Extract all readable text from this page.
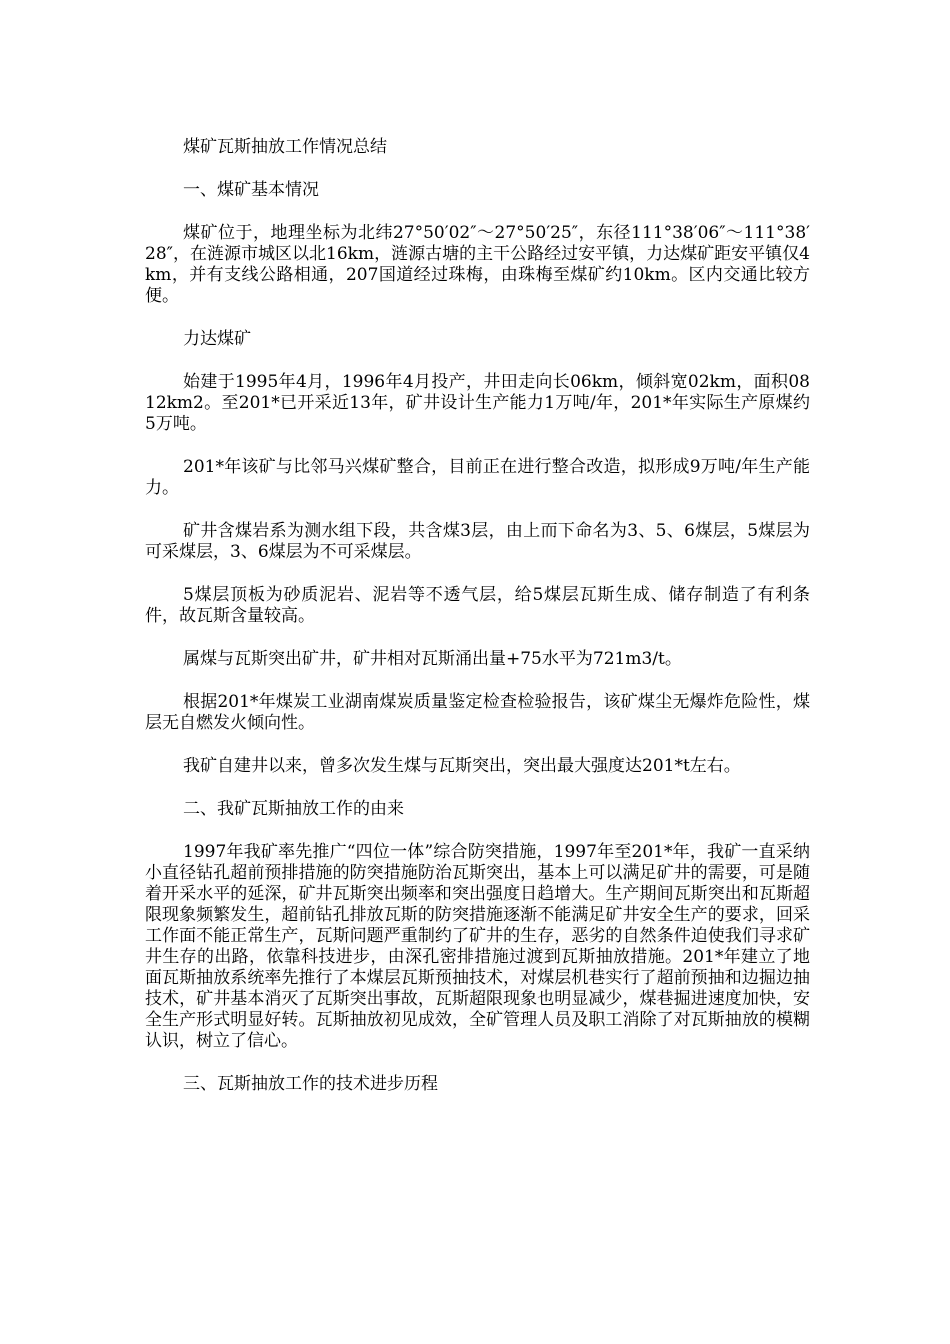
煤矿瓦斯抽放工作情况总结

一、煤矿基本情况

煤矿位于，地理坐标为北纬27°50′02″～27°50′25″，东径111°38′06″～111°38′28″，在涟源市城区以北16km，涟源古塘的主干公路经过安平镇，力达煤矿距安平镇仅4km，并有支线公路相通，207国道经过珠梅，由珠梅至煤矿约10km。区内交通比较方便。

力达煤矿

始建于1995年4月，1996年4月投产，井田走向长06km，倾斜宽02km，面积0812km2。至201*已开采近13年，矿井设计生产能力1万吨/年，201*年实际生产原煤约5万吨。

201*年该矿与比邻马兴煤矿整合，目前正在进行整合改造，拟形成9万吨/年生产能力。

矿井含煤岩系为测水组下段，共含煤3层，由上而下命名为3、5、6煤层，5煤层为可采煤层，3、6煤层为不可采煤层。

5煤层顶板为砂质泥岩、泥岩等不透气层，给5煤层瓦斯生成、储存制造了有利条件，故瓦斯含量较高。

属煤与瓦斯突出矿井，矿井相对瓦斯涌出量+75水平为721m3/t。

根据201*年煤炭工业湖南煤炭质量鉴定检查检验报告，该矿煤尘无爆炸危险性，煤层无自燃发火倾向性。

我矿自建井以来，曾多次发生煤与瓦斯突出，突出最大强度达201*t左右。

二、我矿瓦斯抽放工作的由来

1997年我矿率先推广“四位一体”综合防突措施，1997年至201*年，我矿一直采纳小直径钻孔超前预排措施的防突措施防治瓦斯突出，基本上可以满足矿井的需要，可是随着开采水平的延深，矿井瓦斯突出频率和突出强度日趋增大。生产期间瓦斯突出和瓦斯超限现象频繁发生，超前钻孔排放瓦斯的防突措施逐渐不能满足矿井安全生产的要求，回采工作面不能正常生产，瓦斯问题严重制约了矿井的生存，恶劣的自然条件迫使我们寻求矿井生存的出路，依靠科技进步，由深孔密排措施过渡到瓦斯抽放措施。201*年建立了地面瓦斯抽放系统率先推行了本煤层瓦斯预抽技术，对煤层机巷实行了超前预抽和边掘边抽技术，矿井基本消灭了瓦斯突出事故，瓦斯超限现象也明显减少，煤巷掘进速度加快，安全生产形式明显好转。瓦斯抽放初见成效，全矿管理人员及职工消除了对瓦斯抽放的模糊认识，树立了信心。

三、瓦斯抽放工作的技术进步历程
